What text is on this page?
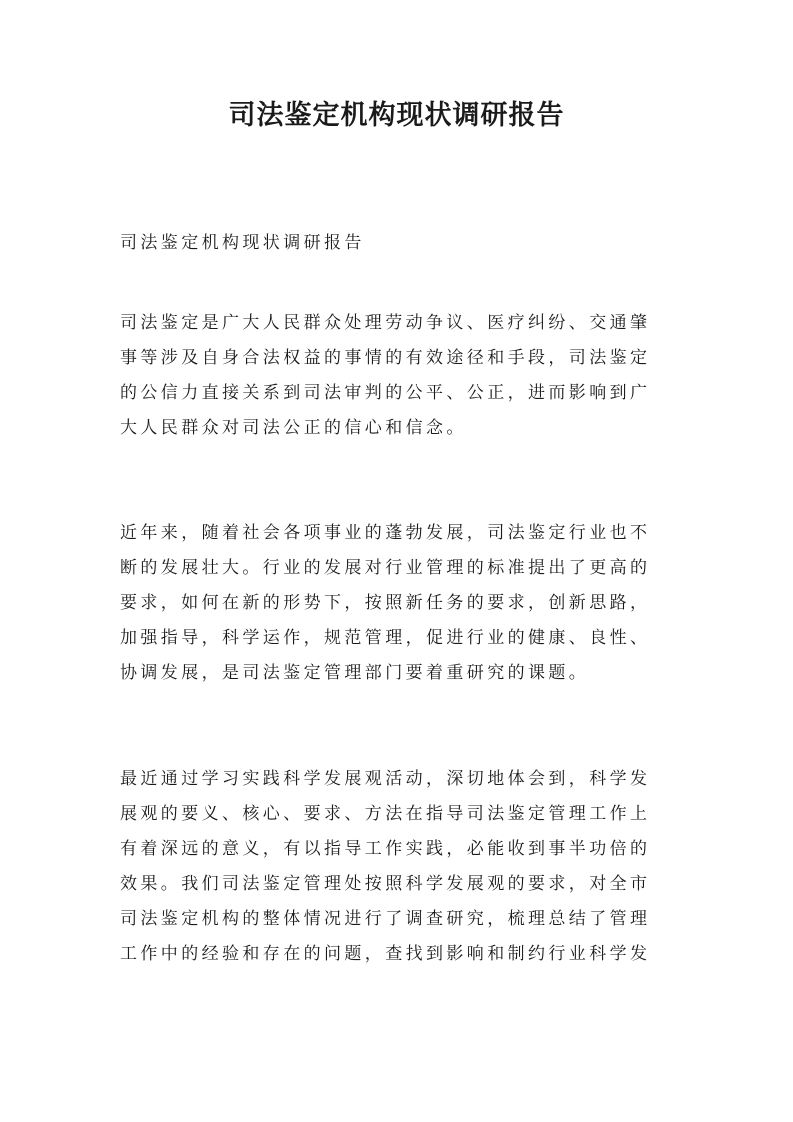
司法鉴定机构现状调研报告

司法鉴定机构现状调研报告

司法鉴定是广大人民群众处理劳动争议、医疗纠纷、交通肇
事等涉及自身合法权益的事情的有效途径和手段，司法鉴定
的公信力直接关系到司法审判的公平、公正，进而影响到广
大人民群众对司法公正的信心和信念。

近年来，随着社会各项事业的蓬勃发展，司法鉴定行业也不
断的发展壮大。行业的发展对行业管理的标准提出了更高的
要求，如何在新的形势下，按照新任务的要求，创新思路，
加强指导，科学运作，规范管理，促进行业的健康、良性、
协调发展，是司法鉴定管理部门要着重研究的课题。

最近通过学习实践科学发展观活动，深切地体会到，科学发
展观的要义、核心、要求、方法在指导司法鉴定管理工作上
有着深远的意义，有以指导工作实践，必能收到事半功倍的
效果。我们司法鉴定管理处按照科学发展观的要求，对全市
司法鉴定机构的整体情况进行了调查研究，梳理总结了管理
工作中的经验和存在的问题，查找到影响和制约行业科学发
